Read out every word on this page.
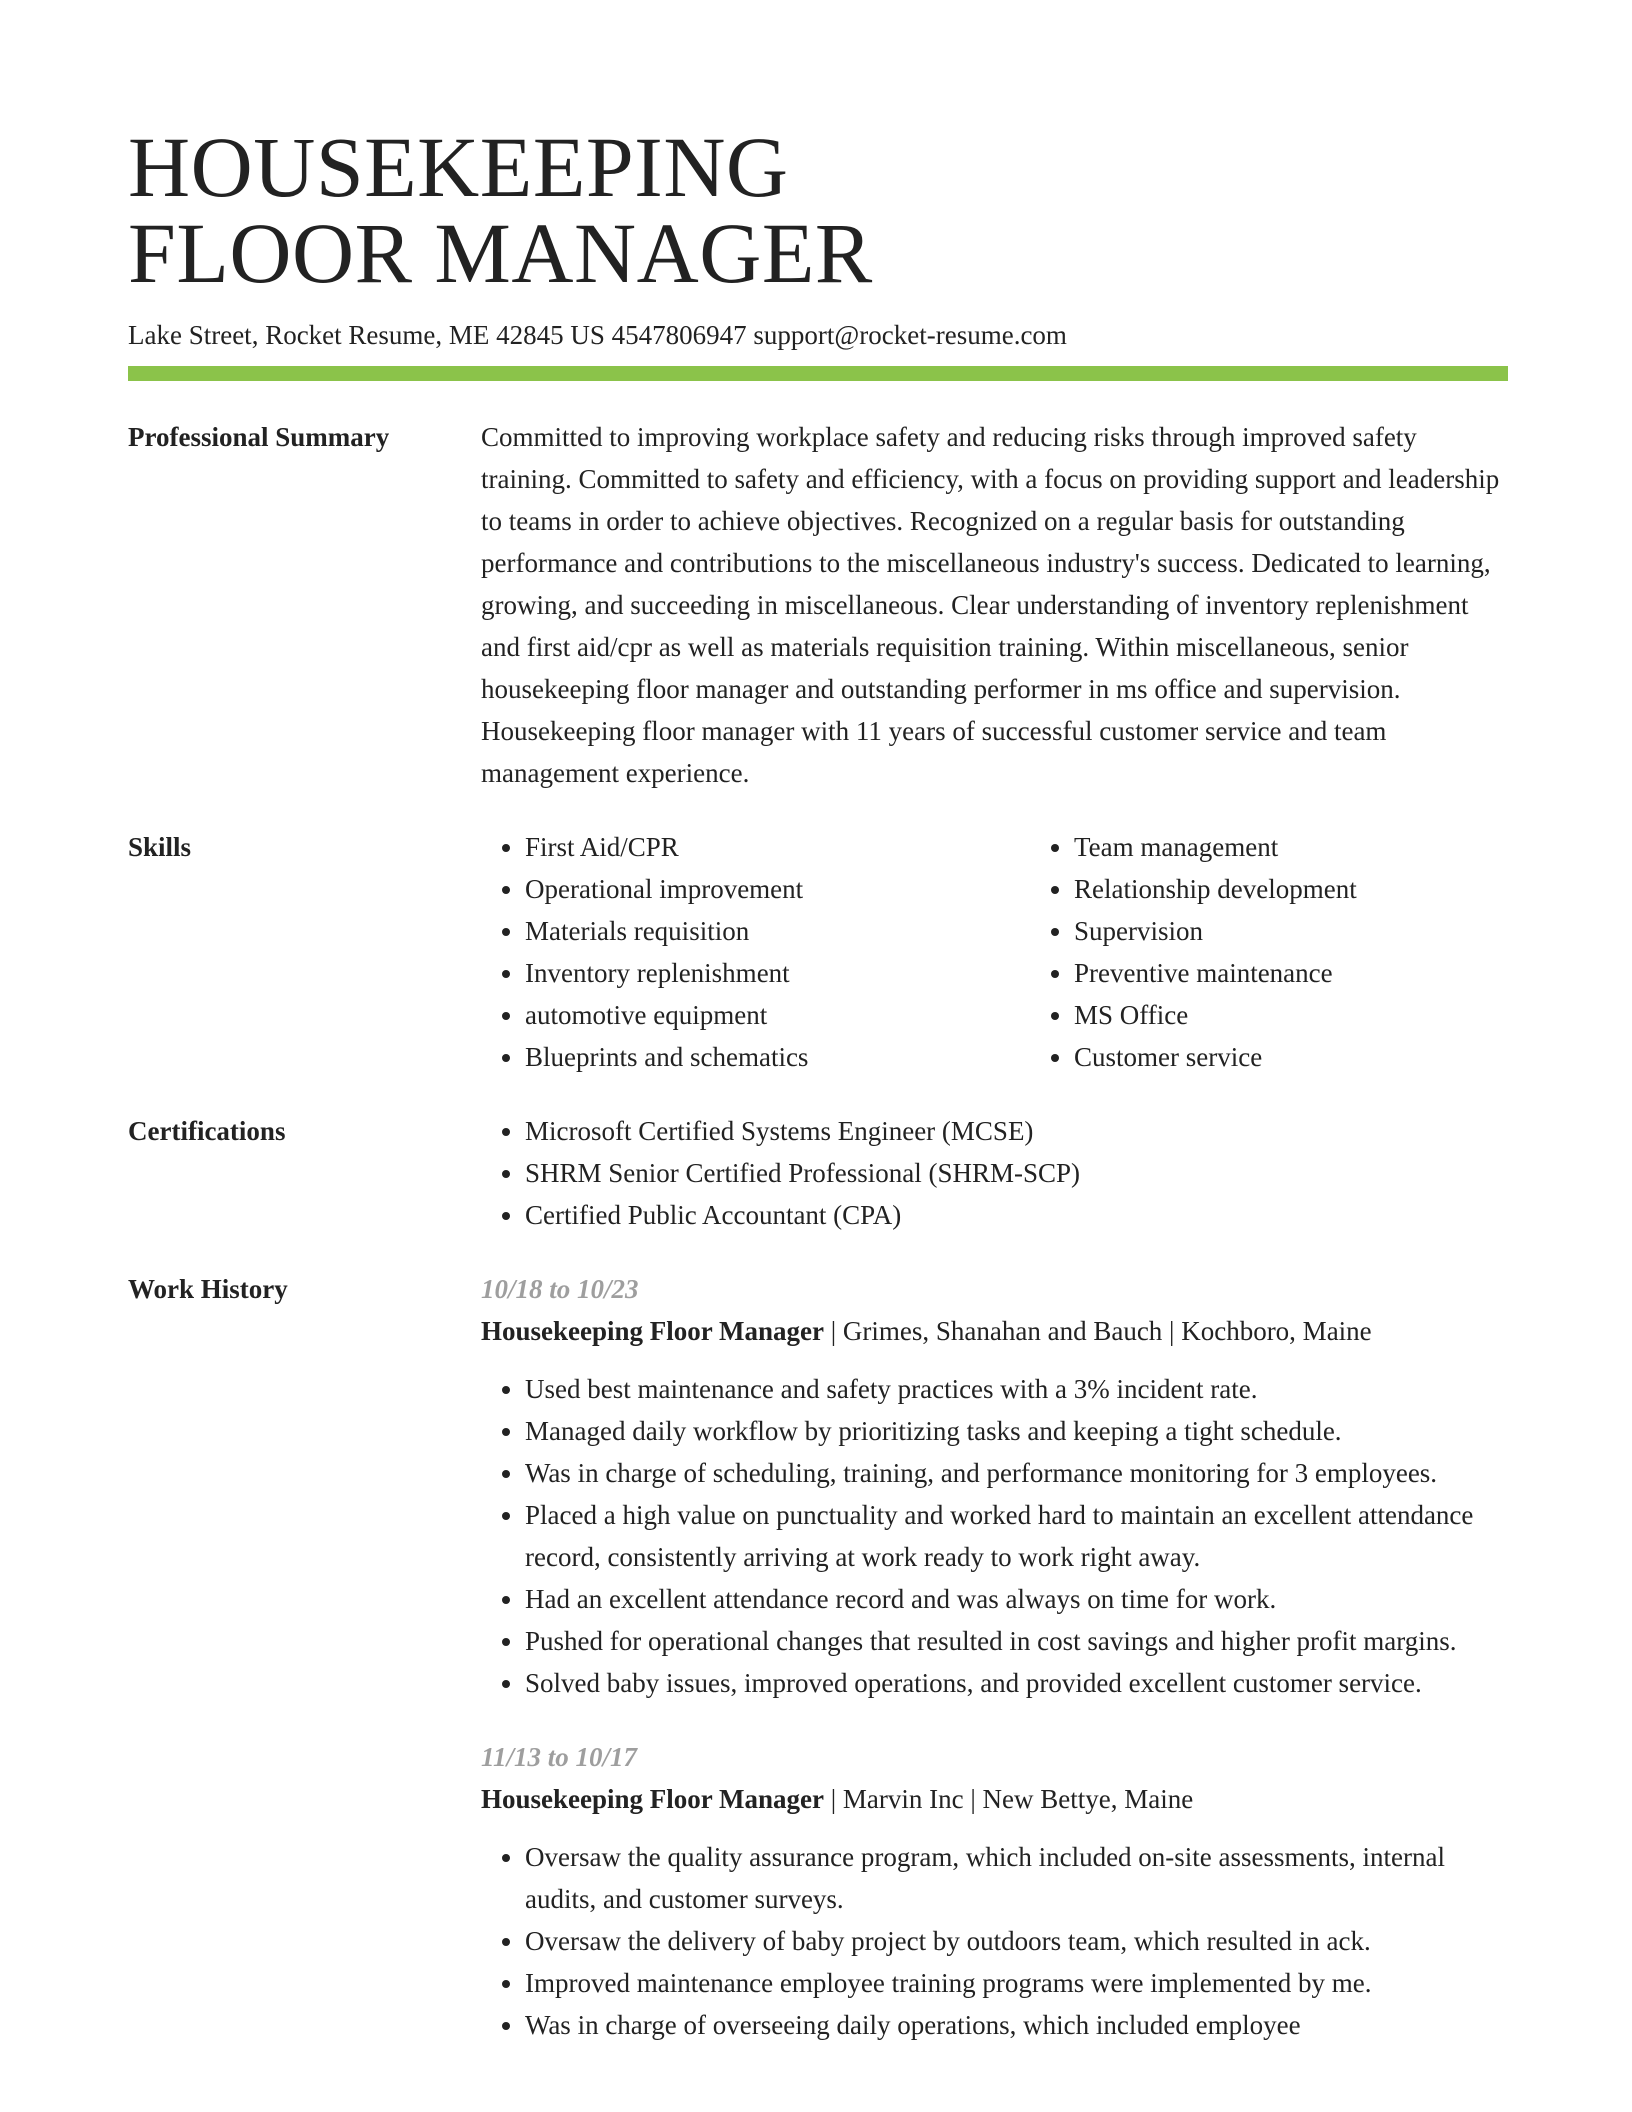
HOUSEKEEPING
FLOOR MANAGER
Lake Street, Rocket Resume, ME 42845 US 4547806947 support@rocket-resume.com
Professional Summary	Committed to improving workplace safety and reducing risks through improved safety training. Committed to safety and efficiency, with a focus on providing support and leadership to teams in order to achieve objectives. Recognized on a regular basis for outstanding performance and contributions to the miscellaneous industry's success. Dedicated to learning, growing, and succeeding in miscellaneous. Clear understanding of inventory replenishment and first aid/cpr as well as materials requisition training. Within miscellaneous, senior housekeeping floor manager and outstanding performer in ms office and supervision. Housekeeping floor manager with 11 years of successful customer service and team management experience.

Skills	• First Aid/CPR
• Operational improvement
• Materials requisition
• Inventory replenishment
• automotive equipment
• Blueprints and schematics
• Team management
• Relationship development
• Supervision
• Preventive maintenance
• MS Office
• Customer service
Certifications	• Microsoft Certified Systems Engineer (MCSE)
• SHRM Senior Certified Professional (SHRM-SCP)
• Certified Public Accountant (CPA)
Work History	10/18 to 10/23
Housekeeping Floor Manager | Grimes, Shanahan and Bauch | Kochboro, Maine
• Used best maintenance and safety practices with a 3% incident rate.
• Managed daily workflow by prioritizing tasks and keeping a tight schedule.
• Was in charge of scheduling, training, and performance monitoring for 3 employees.
• Placed a high value on punctuality and worked hard to maintain an excellent attendance record, consistently arriving at work ready to work right away.
• Had an excellent attendance record and was always on time for work.
• Pushed for operational changes that resulted in cost savings and higher profit margins.
• Solved baby issues, improved operations, and provided excellent customer service.
11/13 to 10/17
Housekeeping Floor Manager | Marvin Inc | New Bettye, Maine
• Oversaw the quality assurance program, which included on-site assessments, internal audits, and customer surveys.
• Oversaw the delivery of baby project by outdoors team, which resulted in ack.
• Improved maintenance employee training programs were implemented by me.
• Was in charge of overseeing daily operations, which included employee
